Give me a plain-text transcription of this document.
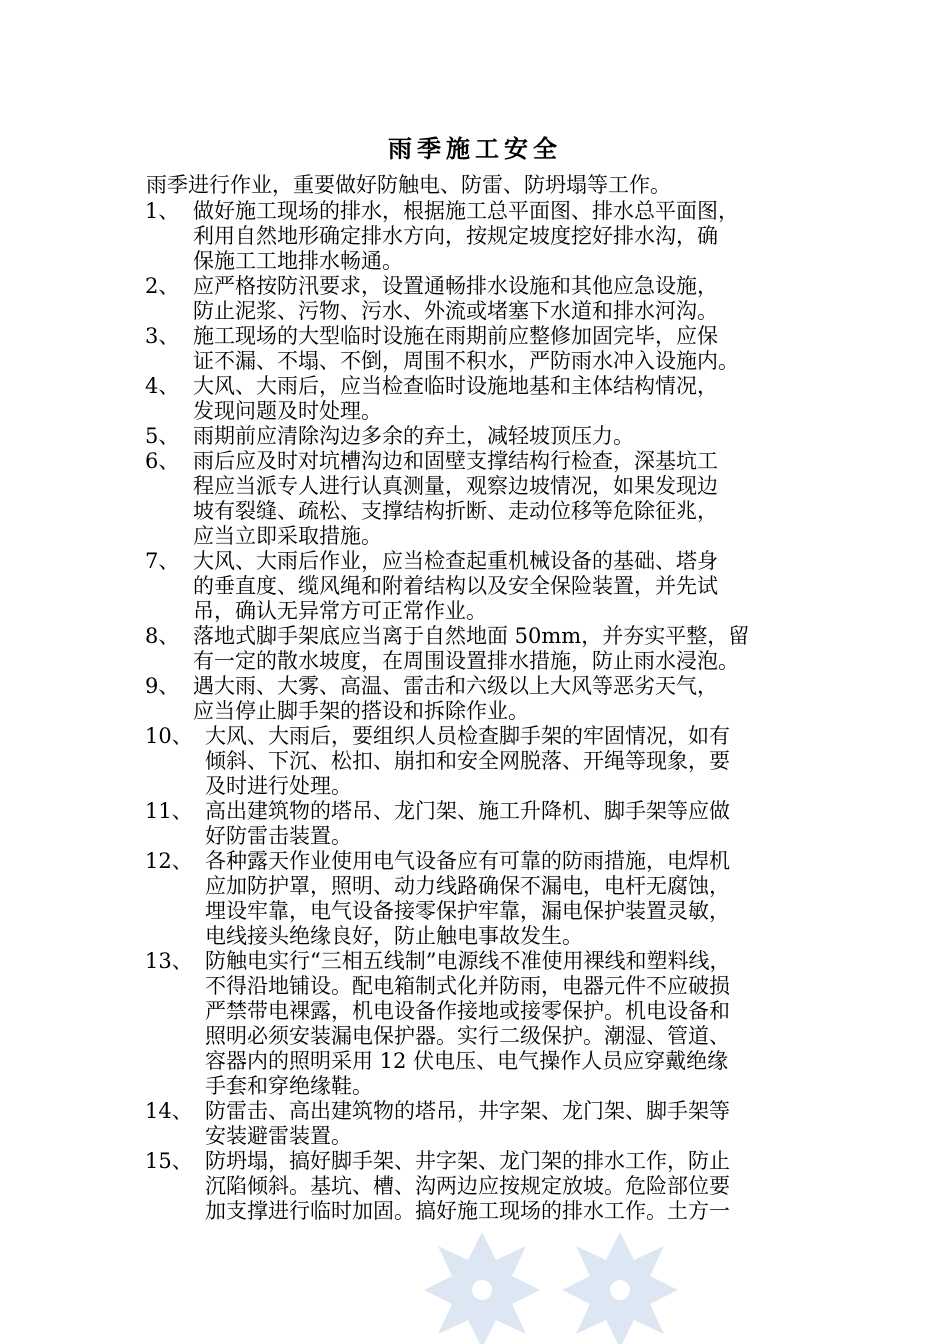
雨季施工安全
雨季进行作业，重要做好防触电、防雷、防坍塌等工作。
1、 做好施工现场的排水，根据施工总平面图、排水总平面图，
利用自然地形确定排水方向，按规定坡度挖好排水沟，确
保施工工地排水畅通。
2、 应严格按防汛要求，设置通畅排水设施和其他应急设施，
防止泥浆、污物、污水、外流或堵塞下水道和排水河沟。
3、 施工现场的大型临时设施在雨期前应整修加固完毕，应保
证不漏、不塌、不倒，周围不积水，严防雨水冲入设施内。
4、 大风、大雨后，应当检查临时设施地基和主体结构情况，
发现问题及时处理。
5、 雨期前应清除沟边多余的弃土，减轻坡顶压力。
6、 雨后应及时对坑槽沟边和固壁支撑结构行检查，深基坑工
程应当派专人进行认真测量，观察边坡情况，如果发现边
坡有裂缝、疏松、支撑结构折断、走动位移等危除征兆，
应当立即采取措施。
7、 大风、大雨后作业，应当检查起重机械设备的基础、塔身
的垂直度、缆风绳和附着结构以及安全保险装置，并先试
吊，确认无异常方可正常作业。
8、 落地式脚手架底应当离于自然地面 50mm，并夯实平整，留
有一定的散水坡度，在周围设置排水措施，防止雨水浸泡。
9、 遇大雨、大雾、高温、雷击和六级以上大风等恶劣天气，
应当停止脚手架的搭设和拆除作业。
10、 大风、大雨后，要组织人员检查脚手架的牢固情况，如有
倾斜、下沉、松扣、崩扣和安全网脱落、开绳等现象，要
及时进行处理。
11、 高出建筑物的塔吊、龙门架、施工升降机、脚手架等应做
好防雷击装置。
12、 各种露天作业使用电气设备应有可靠的防雨措施，电焊机
应加防护罩，照明、动力线路确保不漏电，电杆无腐蚀，
埋设牢靠，电气设备接零保护牢靠，漏电保护装置灵敏，
电线接头绝缘良好，防止触电事故发生。
13、 防触电实行“三相五线制”电源线不准使用裸线和塑料线，
不得沿地铺设。配电箱制式化并防雨，电器元件不应破损
严禁带电裸露，机电设备作接地或接零保护。机电设备和
照明必须安装漏电保护器。实行二级保护。潮湿、管道、
容器内的照明采用 12 伏电压、电气操作人员应穿戴绝缘
手套和穿绝缘鞋。
14、 防雷击、高出建筑物的塔吊，井字架、龙门架、脚手架等
安装避雷装置。
15、 防坍塌，搞好脚手架、井字架、龙门架的排水工作，防止
沉陷倾斜。基坑、槽、沟两边应按规定放坡。危险部位要
加支撑进行临时加固。搞好施工现场的排水工作。土方一
